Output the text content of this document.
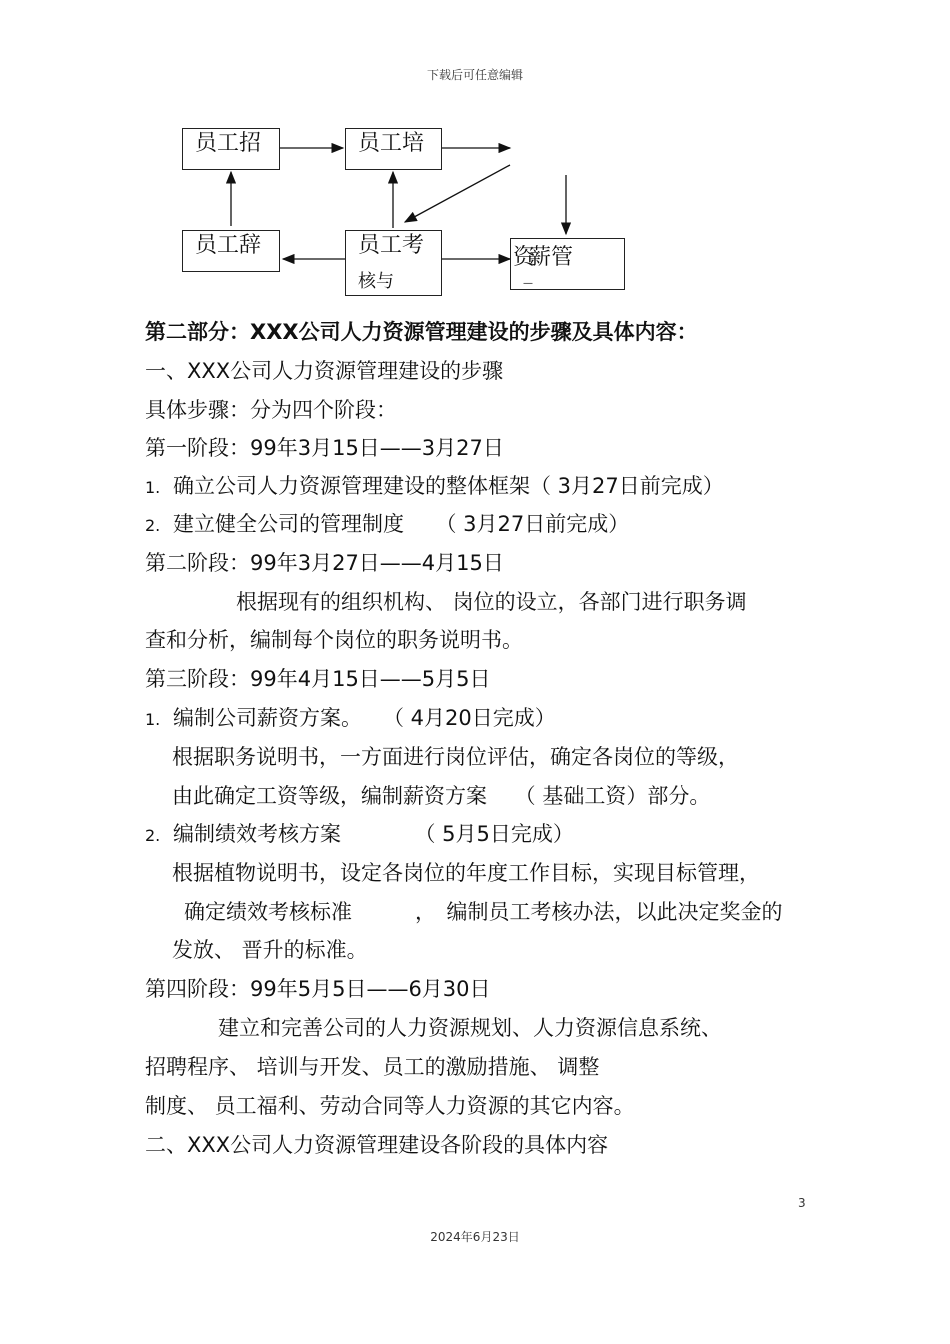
下载后可任意编辑
员工招	员工培
员工辞	员工考
核与
资
薪管
—
第二部分：XXX公司人力资源管理建设的步骤及具体内容：
一、XXX公司人力资源管理建设的步骤
具体步骤：分为四个阶段：
第一阶段：99年3月15日——3月27日
1. 确立公司人力资源管理建设的整体框架（ 3月27日前完成）
2. 建立健全公司的管理制度　　（ 3月27日前完成）
第二阶段：99年3月27日——4月15日
根据现有的组织机构、 岗位的设立，各部门进行职务调
查和分析，编制每个岗位的职务说明书。
第三阶段：99年4月15日——5月5日
1. 编制公司薪资方案。　　（ 4月20日完成）
根据职务说明书，一方面进行岗位评估，确定各岗位的等级，
由此确定工资等级，编制薪资方案　 （ 基础工资）部分。
2. 编制绩效考核方案　　　　（ 5月5日完成）
根据植物说明书，设定各岗位的年度工作目标，实现目标管理，
确定绩效考核标准　　　，　编制员工考核办法，以此决定奖金的
发放、 晋升的标准。
第四阶段：99年5月5日——6月30日
建立和完善公司的人力资源规划、人力资源信息系统、
招聘程序、 培训与开发、员工的激励措施、 调整
制度、 员工福利、劳动合同等人力资源的其它内容。
二、XXX公司人力资源管理建设各阶段的具体内容
3
2024年6月23日
